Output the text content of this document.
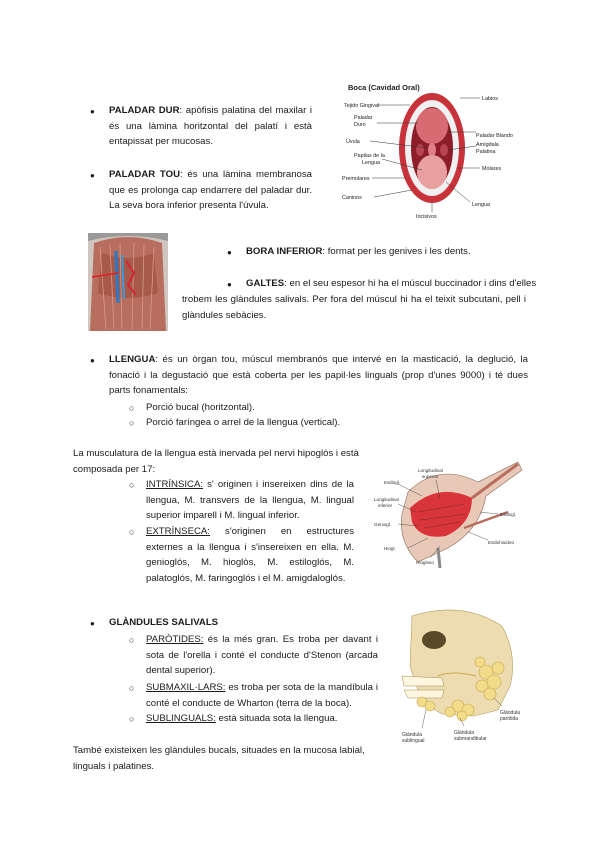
Boca (Cavidad Oral)
Tejido Gingival
Paladar
Duro
Úvula
Papilas de la
Lengua
Premolares
Caninos
Incisivos
Labios
Paladar Blando
Amígdala
Palatina
Molares
Lengua
● PALADAR DUR: apòfisis palatina del maxilar i és una làmina horitzontal del palatí i està entapissat per mucosas.
● PALADAR TOU: és una làmina membranosa que es prolonga cap endarrere del paladar dur. La seva bora inferior presenta l'úvula.
● BORA INFERIOR: format per les genives i les dents.
● GALTES: en el seu espesor hi ha el múscul buccinador i dins d'elles
trobem les glàndules salivals. Per fora del múscul hi ha el teixit subcutani, pell i glàndules sebàcies.
● LLENGUA: és un òrgan tou, múscul membranós que intervé en la masticació, la deglució, la fonació i la degustació que està coberta per les papil·les linguals (prop d'unes 9000) i té dues parts fonamentals:
○ Porció bucal (horitzontal).
○ Porció faríngea o arrel de la llengua (vertical).
La musculatura de la llengua està inervada pel nervi hipoglòs i està composada per 17:
○ INTRÍNSICA: s' originen i insereixen dins de la llengua, M. transvers de la llengua, M. lingual superior imparell i M. lingual inferior.
○ EXTRÍNSECA: s'originen en estructures externes a la llengua i s'insereixen en ella. M. genioglós, M. hioglòs, M. estiloglós, M. palatoglós, M. faringoglós i el M. amigdaloglós.
Longitudinal
superior
Estilogl.
Longitudinal
inferior
Geniogl.
Hiogl.
Hiogloso
Estilogl.
Estilohioideo
● GLÀNDULES SALIVALS
○ PARÒTIDES: és la més gran. Es troba per davant i sota de l'orella i conté el conducte d'Stenon (arcada dental superior).
○ SUBMAXIL·LARS: es troba per sota de la mandíbula i conté el conducte de Wharton (terra de la boca).
○ SUBLINGUALS: està situada sota la llengua.	Glándula
parótida
Glándula
submandibular
Glándula
sublingual
També existeixen les glàndules bucals, situades en la mucosa labial, linguals i palatines.
